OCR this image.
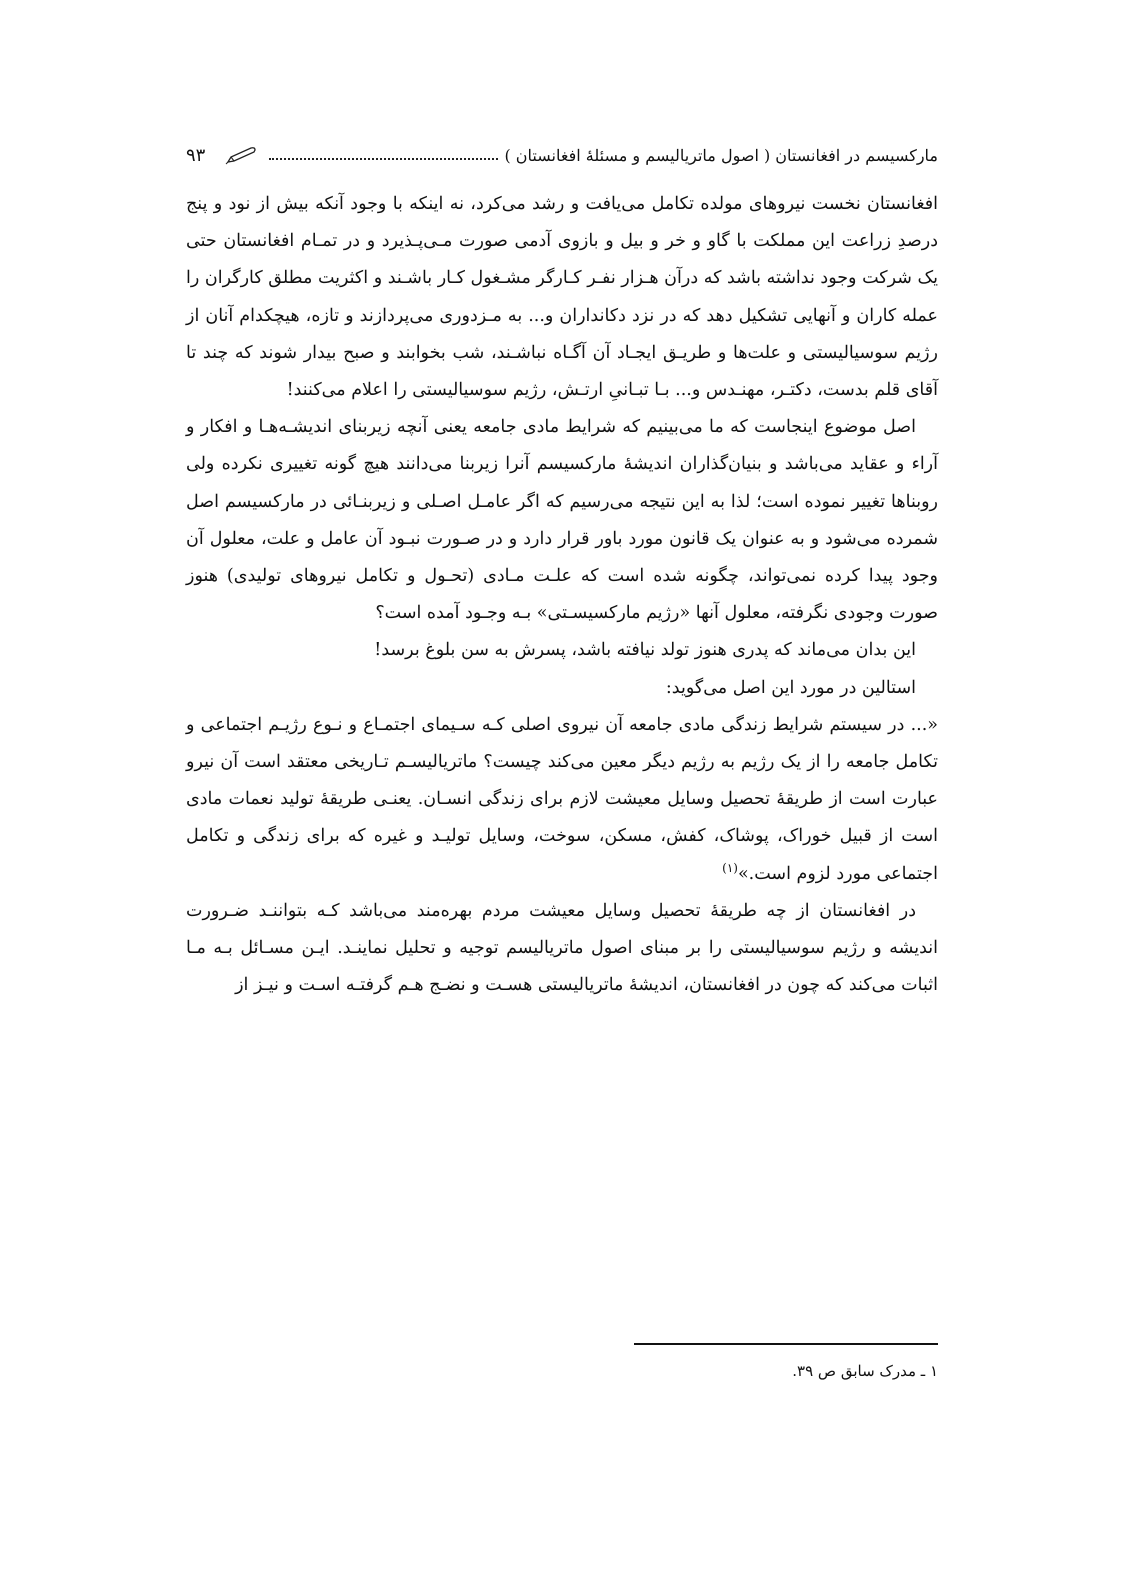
مارکسیسم در افغانستان ( اصول ماتریالیسم و مسئلهٔ افغانستان )
۹۳

افغانستان نخست نیروهای مولده تکامل می‌یافت و رشد می‌کرد، نه اینکه با وجود آنکه بیش از نود و پنج درصدِ زراعت این مملکت با گاو و خر و بیل و بازوی آدمی صورت مـی‌پـذیرد و در تمـام افغانستان حتی یک شرکت وجود نداشته باشد که درآن هـزار نفـر کـارگر مشـغول کـار باشـند و اکثریت مطلق کارگران را عمله کاران و آنهایی تشکیل دهد که در نزد دکانداران و... به مـزدوری می‌پردازند و تازه، هیچکدام آنان از رژیم سوسیالیستی و علت‌ها و طریـق ایجـاد آن آگـاه نباشـند، شب بخوابند و صبح بیدار شوند که چند تا آقای قلم بدست، دکتـر، مهنـدس و... بـا تبـانیِ ارتـش، رژیم سوسیالیستی را اعلام می‌کنند!

اصل موضوع اینجاست که ما می‌بینیم که شرایط مادی جامعه یعنی آنچه زیربنای اندیشـه‌هـا و افکار و آراء و عقاید می‌باشد و بنیان‌گذاران اندیشهٔ مارکسیسم آنرا زیربنا می‌دانند هیچ گونه تغییری نکرده ولی روبناها تغییر نموده است؛ لذا به این نتیجه می‌رسیم که اگر عامـل اصـلی و زیربنـائی در مارکسیسم اصل شمرده می‌شود و به عنوان یک قانون مورد باور قرار دارد و در صـورت نبـود آن عامل و علت، معلول آن وجود پیدا کرده نمی‌تواند، چگونه شده است که علـت مـادی (تحـول و تکامل نیروهای تولیدی) هنوز صورت وجودی نگرفته، معلول آنها «رژیم مارکسیسـتی» بـه وجـود آمده است؟

این بدان می‌ماند که پدری هنوز تولد نیافته باشد، پسرش به سن بلوغ برسد!

استالین در مورد این اصل می‌گوید:

«... در سیستم شرایط زندگی مادی جامعه آن نیروی اصلی کـه سـیمای اجتمـاع و نـوع رژیـم اجتماعی و تکامل جامعه را از یک رژیم به رژیم دیگر معین می‌کند چیست؟ ماتریالیسـم تـاریخی معتقد است آن نیرو عبارت است از طریقهٔ تحصیل وسایل معیشت لازم برای زندگی انسـان. یعنـی طریقهٔ تولید نعمات مادی است از قبیل خوراک، پوشاک، کفش، مسکن، سوخت، وسایل تولیـد و غیره که برای زندگی و تکامل اجتماعی مورد لزوم است.»$^{(۱)}$

در افغانستان از چه طریقهٔ تحصیل وسایل معیشت مردم بهره‌مند می‌باشد کـه بتواننـد ضـرورت اندیشه و رژیم سوسیالیستی را بر مبنای اصول ماتریالیسم توجیه و تحلیل نماینـد. ایـن مسـائل بـه مـا اثبات می‌کند که چون در افغانستان، اندیشهٔ ماتریالیستی هسـت و نضـج هـم گرفتـه اسـت و نیـز از

۱ ـ مدرک سابق ص ۳۹.
